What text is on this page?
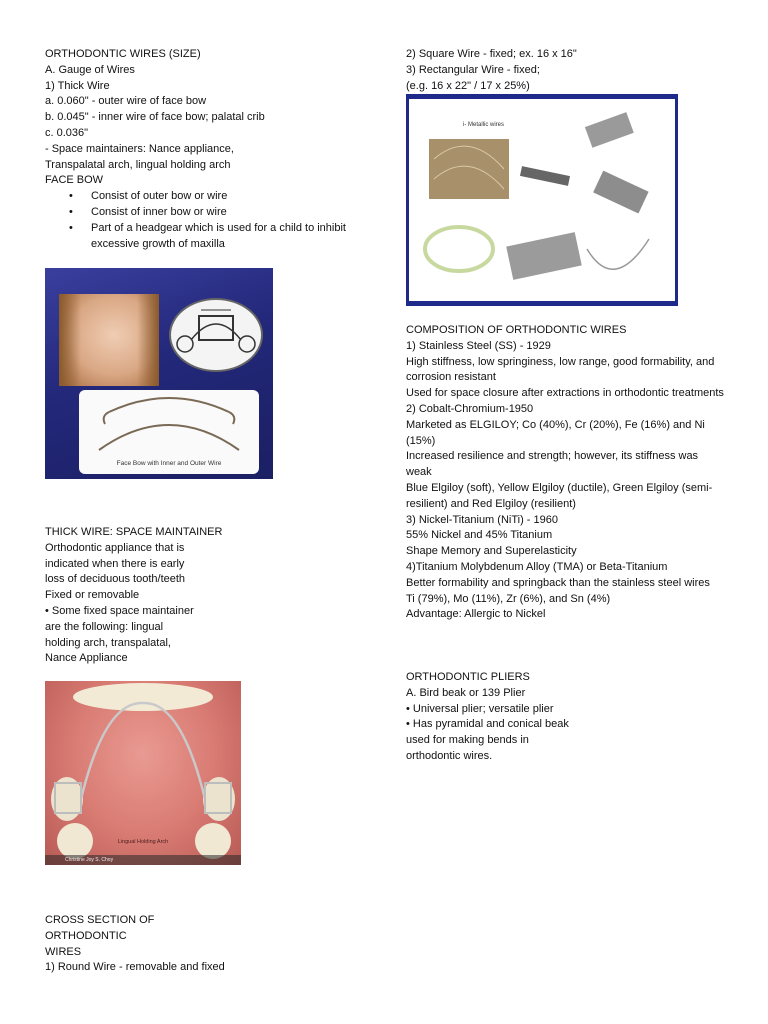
ORTHODONTIC WIRES (SIZE)

A. Gauge of Wires

1) Thick Wire

a. 0.060" - outer wire of face bow

b. 0.045" - inner wire of face bow; palatal crib

c. 0.036"

- Space maintainers: Nance appliance,

Transpalatal arch, lingual holding arch

FACE BOW

• Consist of outer bow or wire
• Consist of inner bow or wire
• Part of a headgear which is used for a child to inhibit excessive growth of maxilla
Face Bow with Inner and Outer Wire

THICK WIRE: SPACE MAINTAINER

Orthodontic appliance that is

indicated when there is early

loss of deciduous tooth/teeth

Fixed or removable

• Some fixed space maintainer

are the following: lingual

holding arch, transpalatal,

Nance Appliance

Lingual Holding Arch
Christine Joy S. Choy

CROSS SECTION OF

ORTHODONTIC

WIRES

1) Round Wire - removable and fixed

2) Square Wire - fixed; ex. 16 x 16"

3) Rectangular Wire - fixed;

(e.g. 16 x 22" / 17 x 25%)

i- Metallic wires

COMPOSITION OF ORTHODONTIC WIRES

1) Stainless Steel (SS) - 1929

High stiffness, low springiness, low range, good formability, and corrosion resistant

Used for space closure after extractions in orthodontic treatments

2) Cobalt-Chromium-1950

Marketed as ELGILOY; Co (40%), Cr (20%), Fe (16%) and Ni (15%)

Increased resilience and strength; however, its stiffness was weak

Blue Elgiloy (soft), Yellow Elgiloy (ductile), Green Elgiloy (semi-resilient) and Red Elgiloy (resilient)

3) Nickel-Titanium (NiTi) - 1960

55% Nickel and 45% Titanium

Shape Memory and Superelasticity

4)Titanium Molybdenum Alloy (TMA) or Beta-Titanium

Better formability and springback than the stainless steel wires

Ti (79%), Mo (11%), Zr (6%), and Sn (4%)

Advantage: Allergic to Nickel

ORTHODONTIC PLIERS

A. Bird beak or 139 Plier

• Universal plier; versatile plier

• Has pyramidal and conical beak

used for making bends in

orthodontic wires.
